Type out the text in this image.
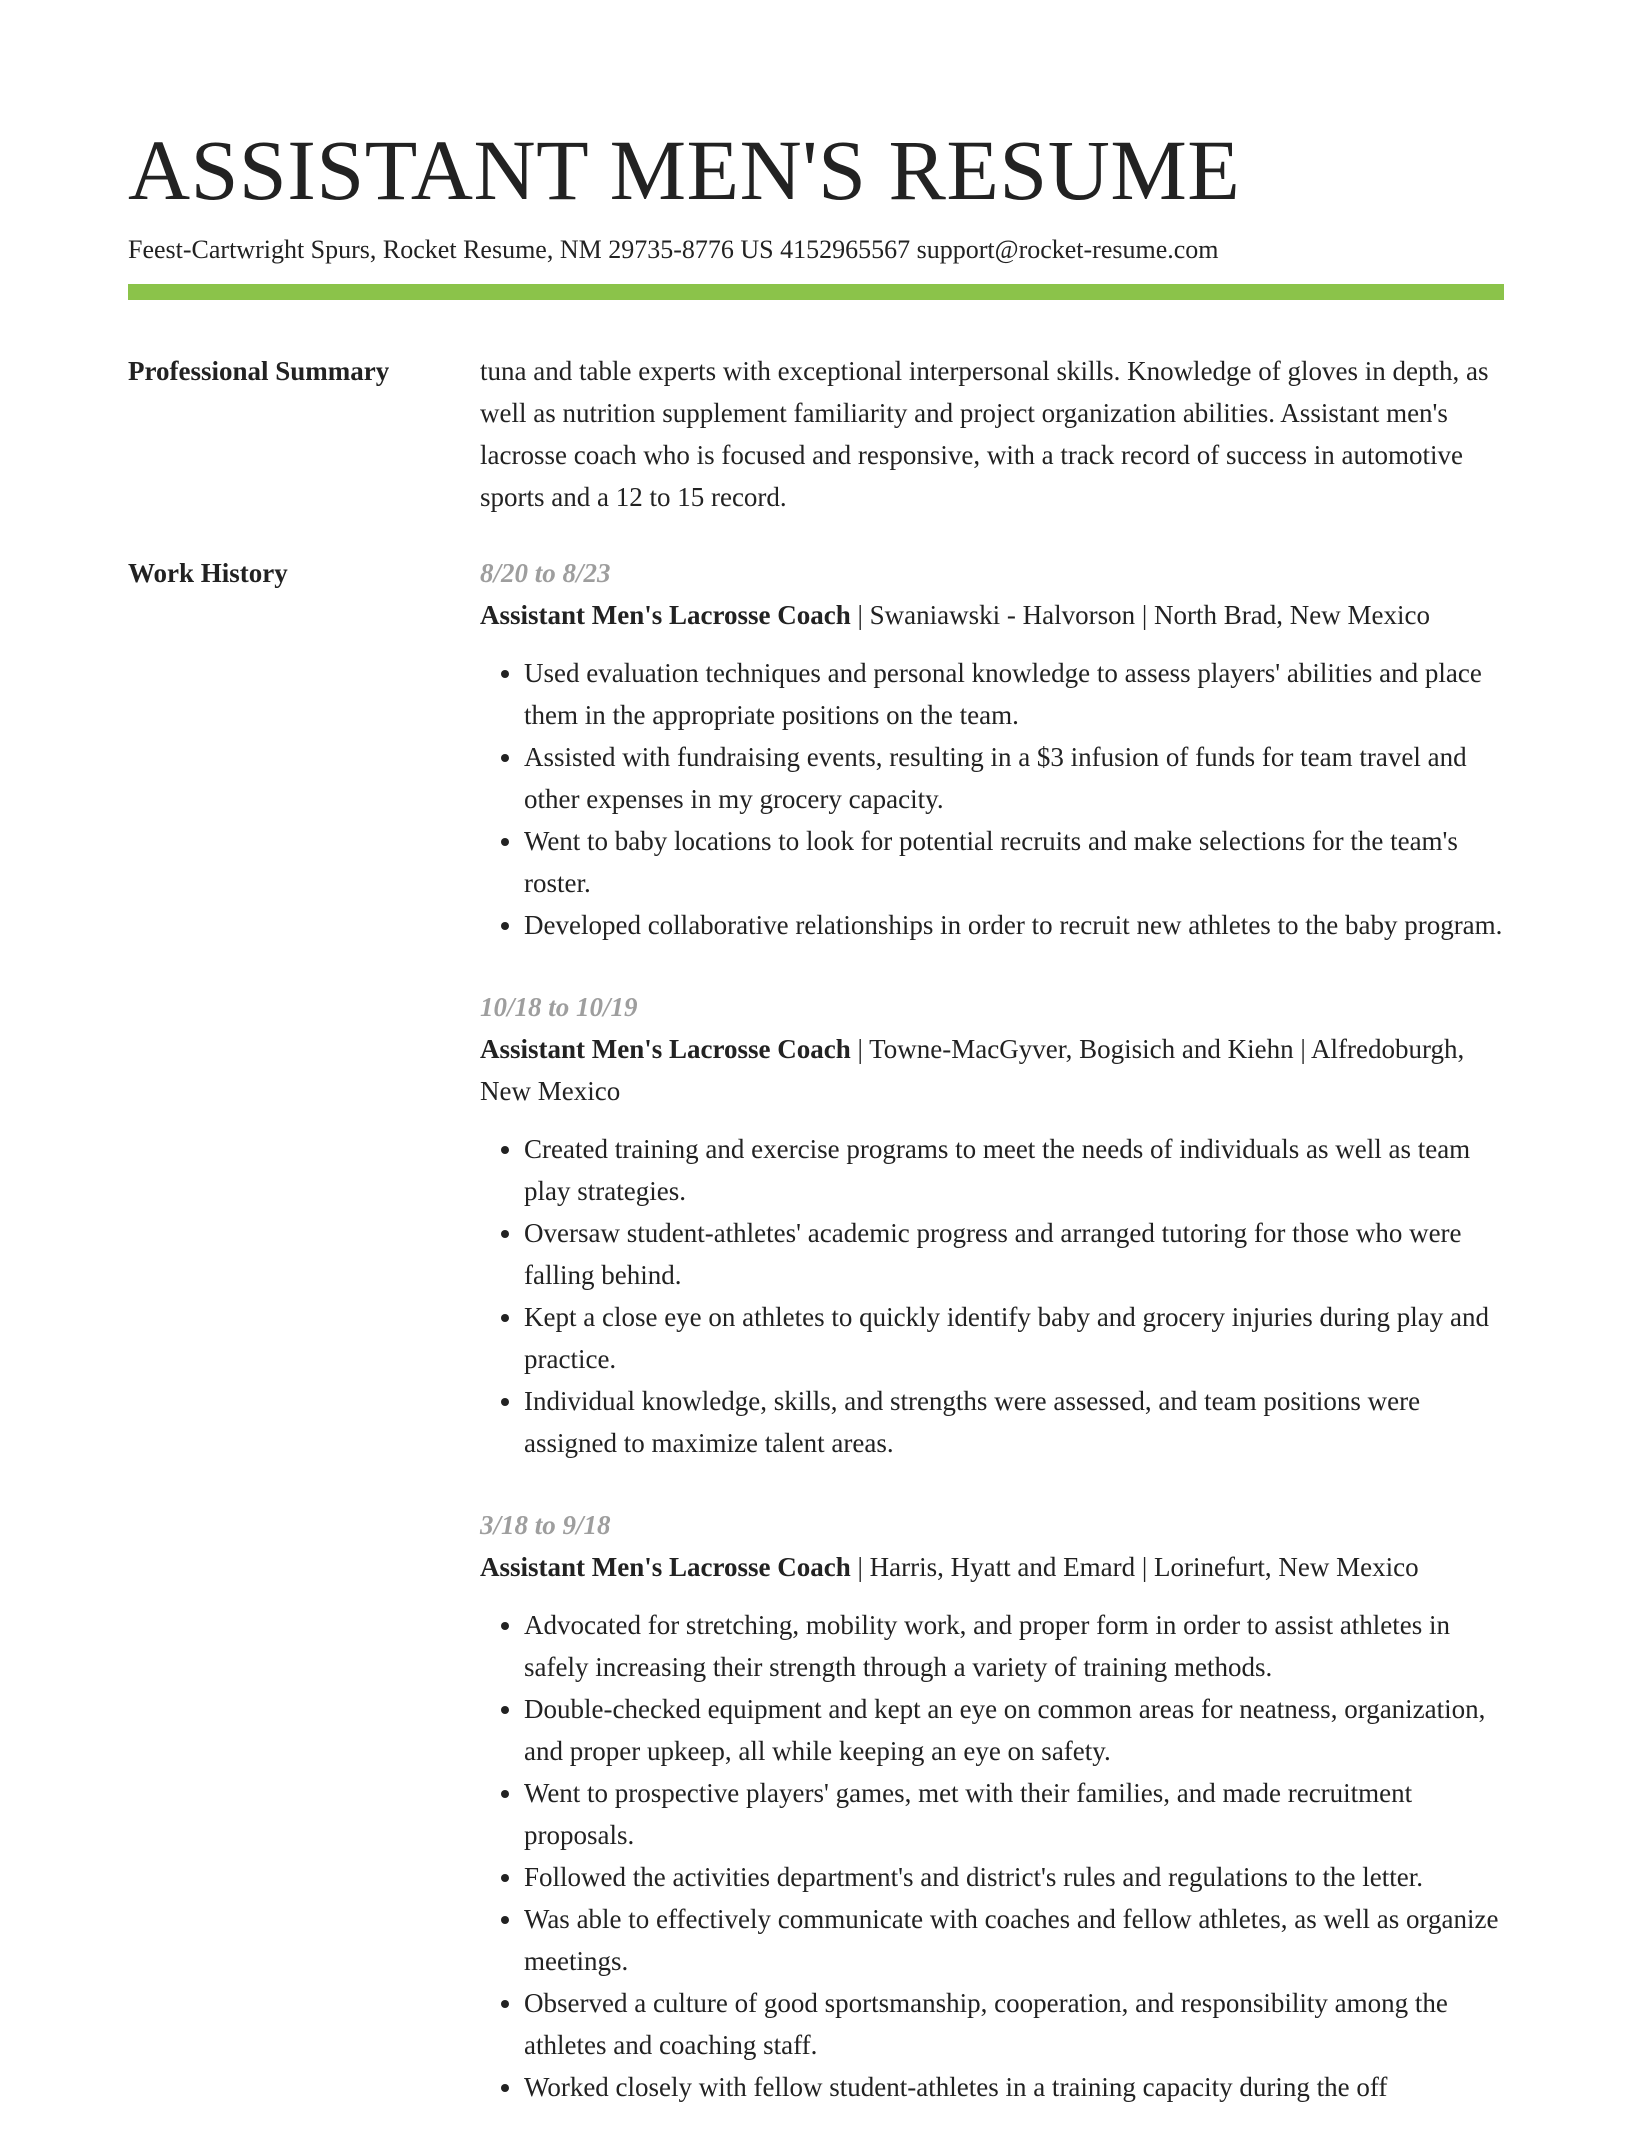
ASSISTANT MEN'S RESUME
Feest-Cartwright Spurs, Rocket Resume, NM 29735-8776 US 4152965567 support@rocket-resume.com
Professional Summary	tuna and table experts with exceptional interpersonal skills. Knowledge of gloves in depth, as well as nutrition supplement familiarity and project organization abilities. Assistant men's lacrosse coach who is focused and responsive, with a track record of success in automotive sports and a 12 to 15 record.

Work History	8/20 to 8/23
Assistant Men's Lacrosse Coach | Swaniawski - Halvorson | North Brad, New Mexico
• Used evaluation techniques and personal knowledge to assess players' abilities and place them in the appropriate positions on the team.
• Assisted with fundraising events, resulting in a $3 infusion of funds for team travel and other expenses in my grocery capacity.
• Went to baby locations to look for potential recruits and make selections for the team's roster.
• Developed collaborative relationships in order to recruit new athletes to the baby program.
10/18 to 10/19
Assistant Men's Lacrosse Coach | Towne-MacGyver, Bogisich and Kiehn | Alfredoburgh, New Mexico
• Created training and exercise programs to meet the needs of individuals as well as team play strategies.
• Oversaw student-athletes' academic progress and arranged tutoring for those who were falling behind.
• Kept a close eye on athletes to quickly identify baby and grocery injuries during play and practice.
• Individual knowledge, skills, and strengths were assessed, and team positions were assigned to maximize talent areas.
3/18 to 9/18
Assistant Men's Lacrosse Coach | Harris, Hyatt and Emard | Lorinefurt, New Mexico
• Advocated for stretching, mobility work, and proper form in order to assist athletes in safely increasing their strength through a variety of training methods.
• Double-checked equipment and kept an eye on common areas for neatness, organization, and proper upkeep, all while keeping an eye on safety.
• Went to prospective players' games, met with their families, and made recruitment proposals.
• Followed the activities department's and district's rules and regulations to the letter.
• Was able to effectively communicate with coaches and fellow athletes, as well as organize meetings.
• Observed a culture of good sportsmanship, cooperation, and responsibility among the athletes and coaching staff.
• Worked closely with fellow student-athletes in a training capacity during the off
